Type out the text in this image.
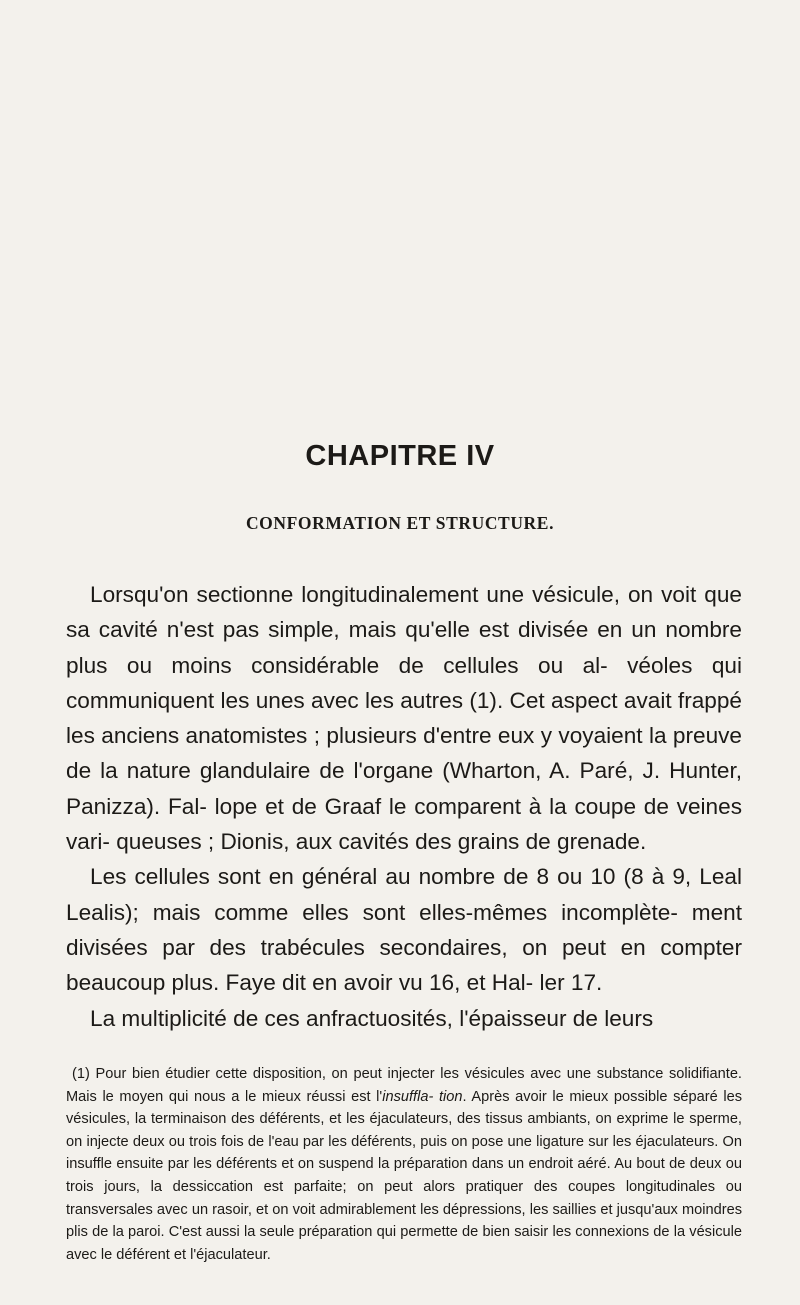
CHAPITRE IV
CONFORMATION ET STRUCTURE.

Lorsqu'on sectionne longitudinalement une vésicule, on voit que sa cavité n'est pas simple, mais qu'elle est divisée en un nombre plus ou moins considérable de cellules ou al- véoles qui communiquent les unes avec les autres (1). Cet aspect avait frappé les anciens anatomistes ; plusieurs d'entre eux y voyaient la preuve de la nature glandulaire de l'organe (Wharton, A. Paré, J. Hunter, Panizza). Fal- lope et de Graaf le comparent à la coupe de veines vari- queuses ; Dionis, aux cavités des grains de grenade.

Les cellules sont en général au nombre de 8 ou 10 (8 à 9, Leal Lealis); mais comme elles sont elles-mêmes incomplète- ment divisées par des trabécules secondaires, on peut en compter beaucoup plus. Faye dit en avoir vu 16, et Hal- ler 17.

La multiplicité de ces anfractuosités, l'épaisseur de leurs

(1) Pour bien étudier cette disposition, on peut injecter les vésicules avec une substance solidifiante. Mais le moyen qui nous a le mieux réussi est l'insuffla- tion. Après avoir le mieux possible séparé les vésicules, la terminaison des déférents, et les éjaculateurs, des tissus ambiants, on exprime le sperme, on injecte deux ou trois fois de l'eau par les déférents, puis on pose une ligature sur les éjaculateurs. On insuffle ensuite par les déférents et on suspend la préparation dans un endroit aéré. Au bout de deux ou trois jours, la dessiccation est parfaite; on peut alors pratiquer des coupes longitudinales ou transversales avec un rasoir, et on voit admirablement les dépressions, les saillies et jusqu'aux moindres plis de la paroi. C'est aussi la seule préparation qui permette de bien saisir les connexions de la vésicule avec le déférent et l'éjaculateur.
